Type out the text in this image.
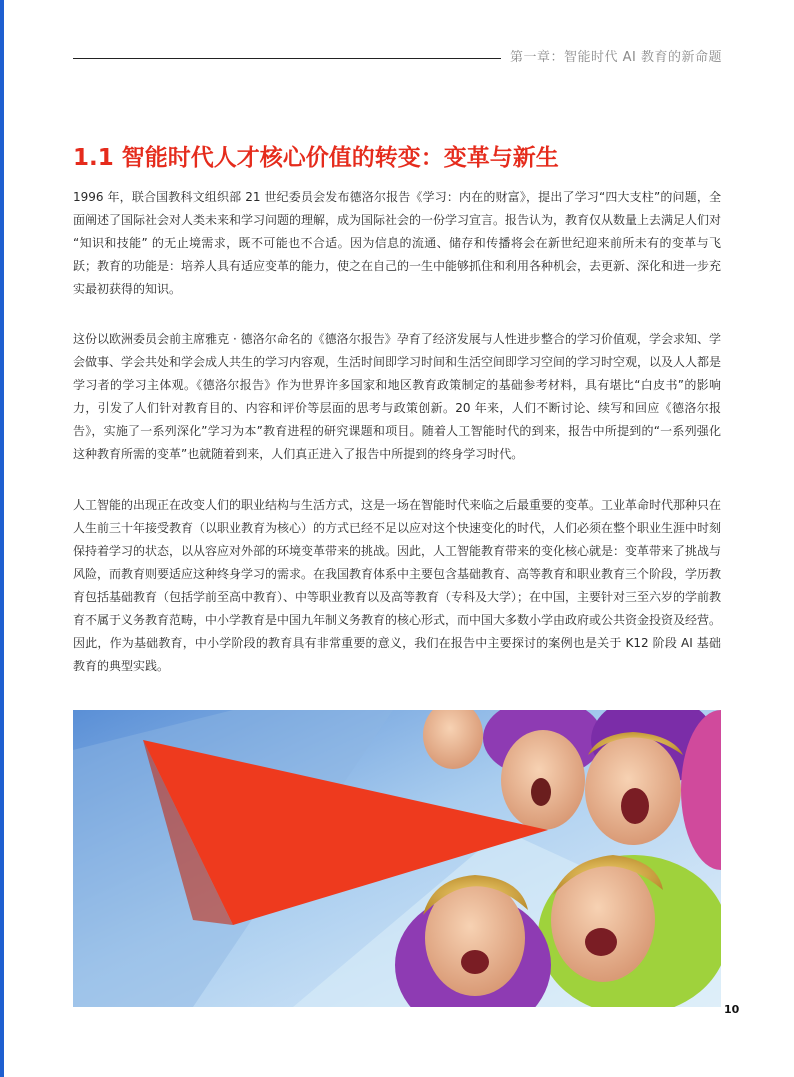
第一章：智能时代 AI 教育的新命题
1.1 智能时代人才核心价值的转变：变革与新生

1996 年，联合国教科文组织部 21 世纪委员会发布德洛尔报告《学习：内在的财富》，提出了学习“四大支柱”的问题，全面阐述了国际社会对人类未来和学习问题的理解，成为国际社会的一份学习宣言。报告认为，教育仅从数量上去满足人们对 “知识和技能” 的无止境需求，既不可能也不合适。因为信息的流通、储存和传播将会在新世纪迎来前所未有的变革与飞跃；教育的功能是：培养人具有适应变革的能力，使之在自己的一生中能够抓住和利用各种机会，去更新、深化和进一步充实最初获得的知识。

这份以欧洲委员会前主席雅克 · 德洛尔命名的《德洛尔报告》孕育了经济发展与人性进步整合的学习价值观，学会求知、学会做事、学会共处和学会成人共生的学习内容观，生活时间即学习时间和生活空间即学习空间的学习时空观，以及人人都是学习者的学习主体观。《德洛尔报告》作为世界许多国家和地区教育政策制定的基础参考材料，具有堪比“白皮书”的影响力，引发了人们针对教育目的、内容和评价等层面的思考与政策创新。20 年来，人们不断讨论、续写和回应《德洛尔报告》，实施了一系列深化”学习为本”教育进程的研究课题和项目。随着人工智能时代的到来，报告中所提到的“一系列强化这种教育所需的变革”也就随着到来，人们真正进入了报告中所提到的终身学习时代。

人工智能的出现正在改变人们的职业结构与生活方式，这是一场在智能时代来临之后最重要的变革。工业革命时代那种只在人生前三十年接受教育（以职业教育为核心）的方式已经不足以应对这个快速变化的时代，人们必须在整个职业生涯中时刻保持着学习的状态，以从容应对外部的环境变革带来的挑战。因此，人工智能教育带来的变化核心就是：变革带来了挑战与风险，而教育则要适应这种终身学习的需求。在我国教育体系中主要包含基础教育、高等教育和职业教育三个阶段，学历教育包括基础教育（包括学前至高中教育）、中等职业教育以及高等教育（专科及大学）；在中国，主要针对三至六岁的学前教育不属于义务教育范畴，中小学教育是中国九年制义务教育的核心形式，而中国大多数小学由政府或公共资金投资及经营。因此，作为基础教育，中小学阶段的教育具有非常重要的意义，我们在报告中主要探讨的案例也是关于 K12 阶段 AI 基础教育的典型实践。

10
